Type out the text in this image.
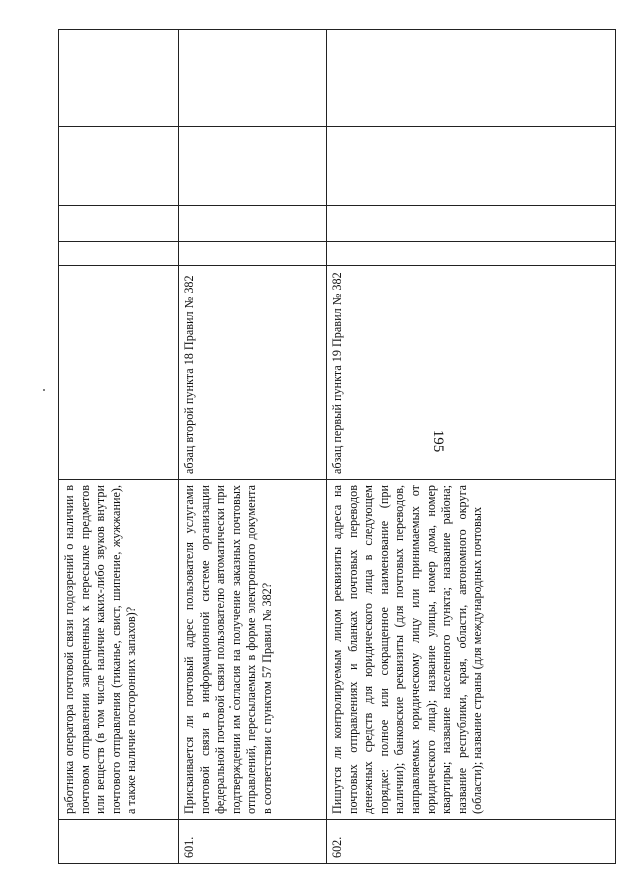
195
	работника оператора почтовой связи подозрений о наличии в почтовом отправлении запрещенных к пересылке предметов или веществ (в том числе наличие каких-либо звуков внутри почтового отправления (тиканье, свист, шипение, жужжание), а также наличие посторонних запахов)?					
601.	Присваивается ли почтовый адрес пользователя услугами почтовой связи в информационной системе организации федеральной почтовой связи пользователю автоматически при подтверждении им согласия на получение заказных почтовых отправлений, пересылаемых в форме электронного документа в соответствии с пунктом 57 Правил № 382?	абзац второй пункта 18 Правил № 382				
602.	Пишутся ли контролируемым лицом реквизиты адреса на почтовых отправлениях и бланках почтовых переводов денежных средств для юридического лица в следующем порядке: полное или сокращенное наименование (при наличии); банковские реквизиты (для почтовых переводов, направляемых юридическому лицу или принимаемых от юридического лица); название улицы, номер дома, номер квартиры; название населенного пункта; название района; название республики, края, области, автономного округа (области); название страны (для международных почтовых	абзац первый пункта 19 Правил № 382				
